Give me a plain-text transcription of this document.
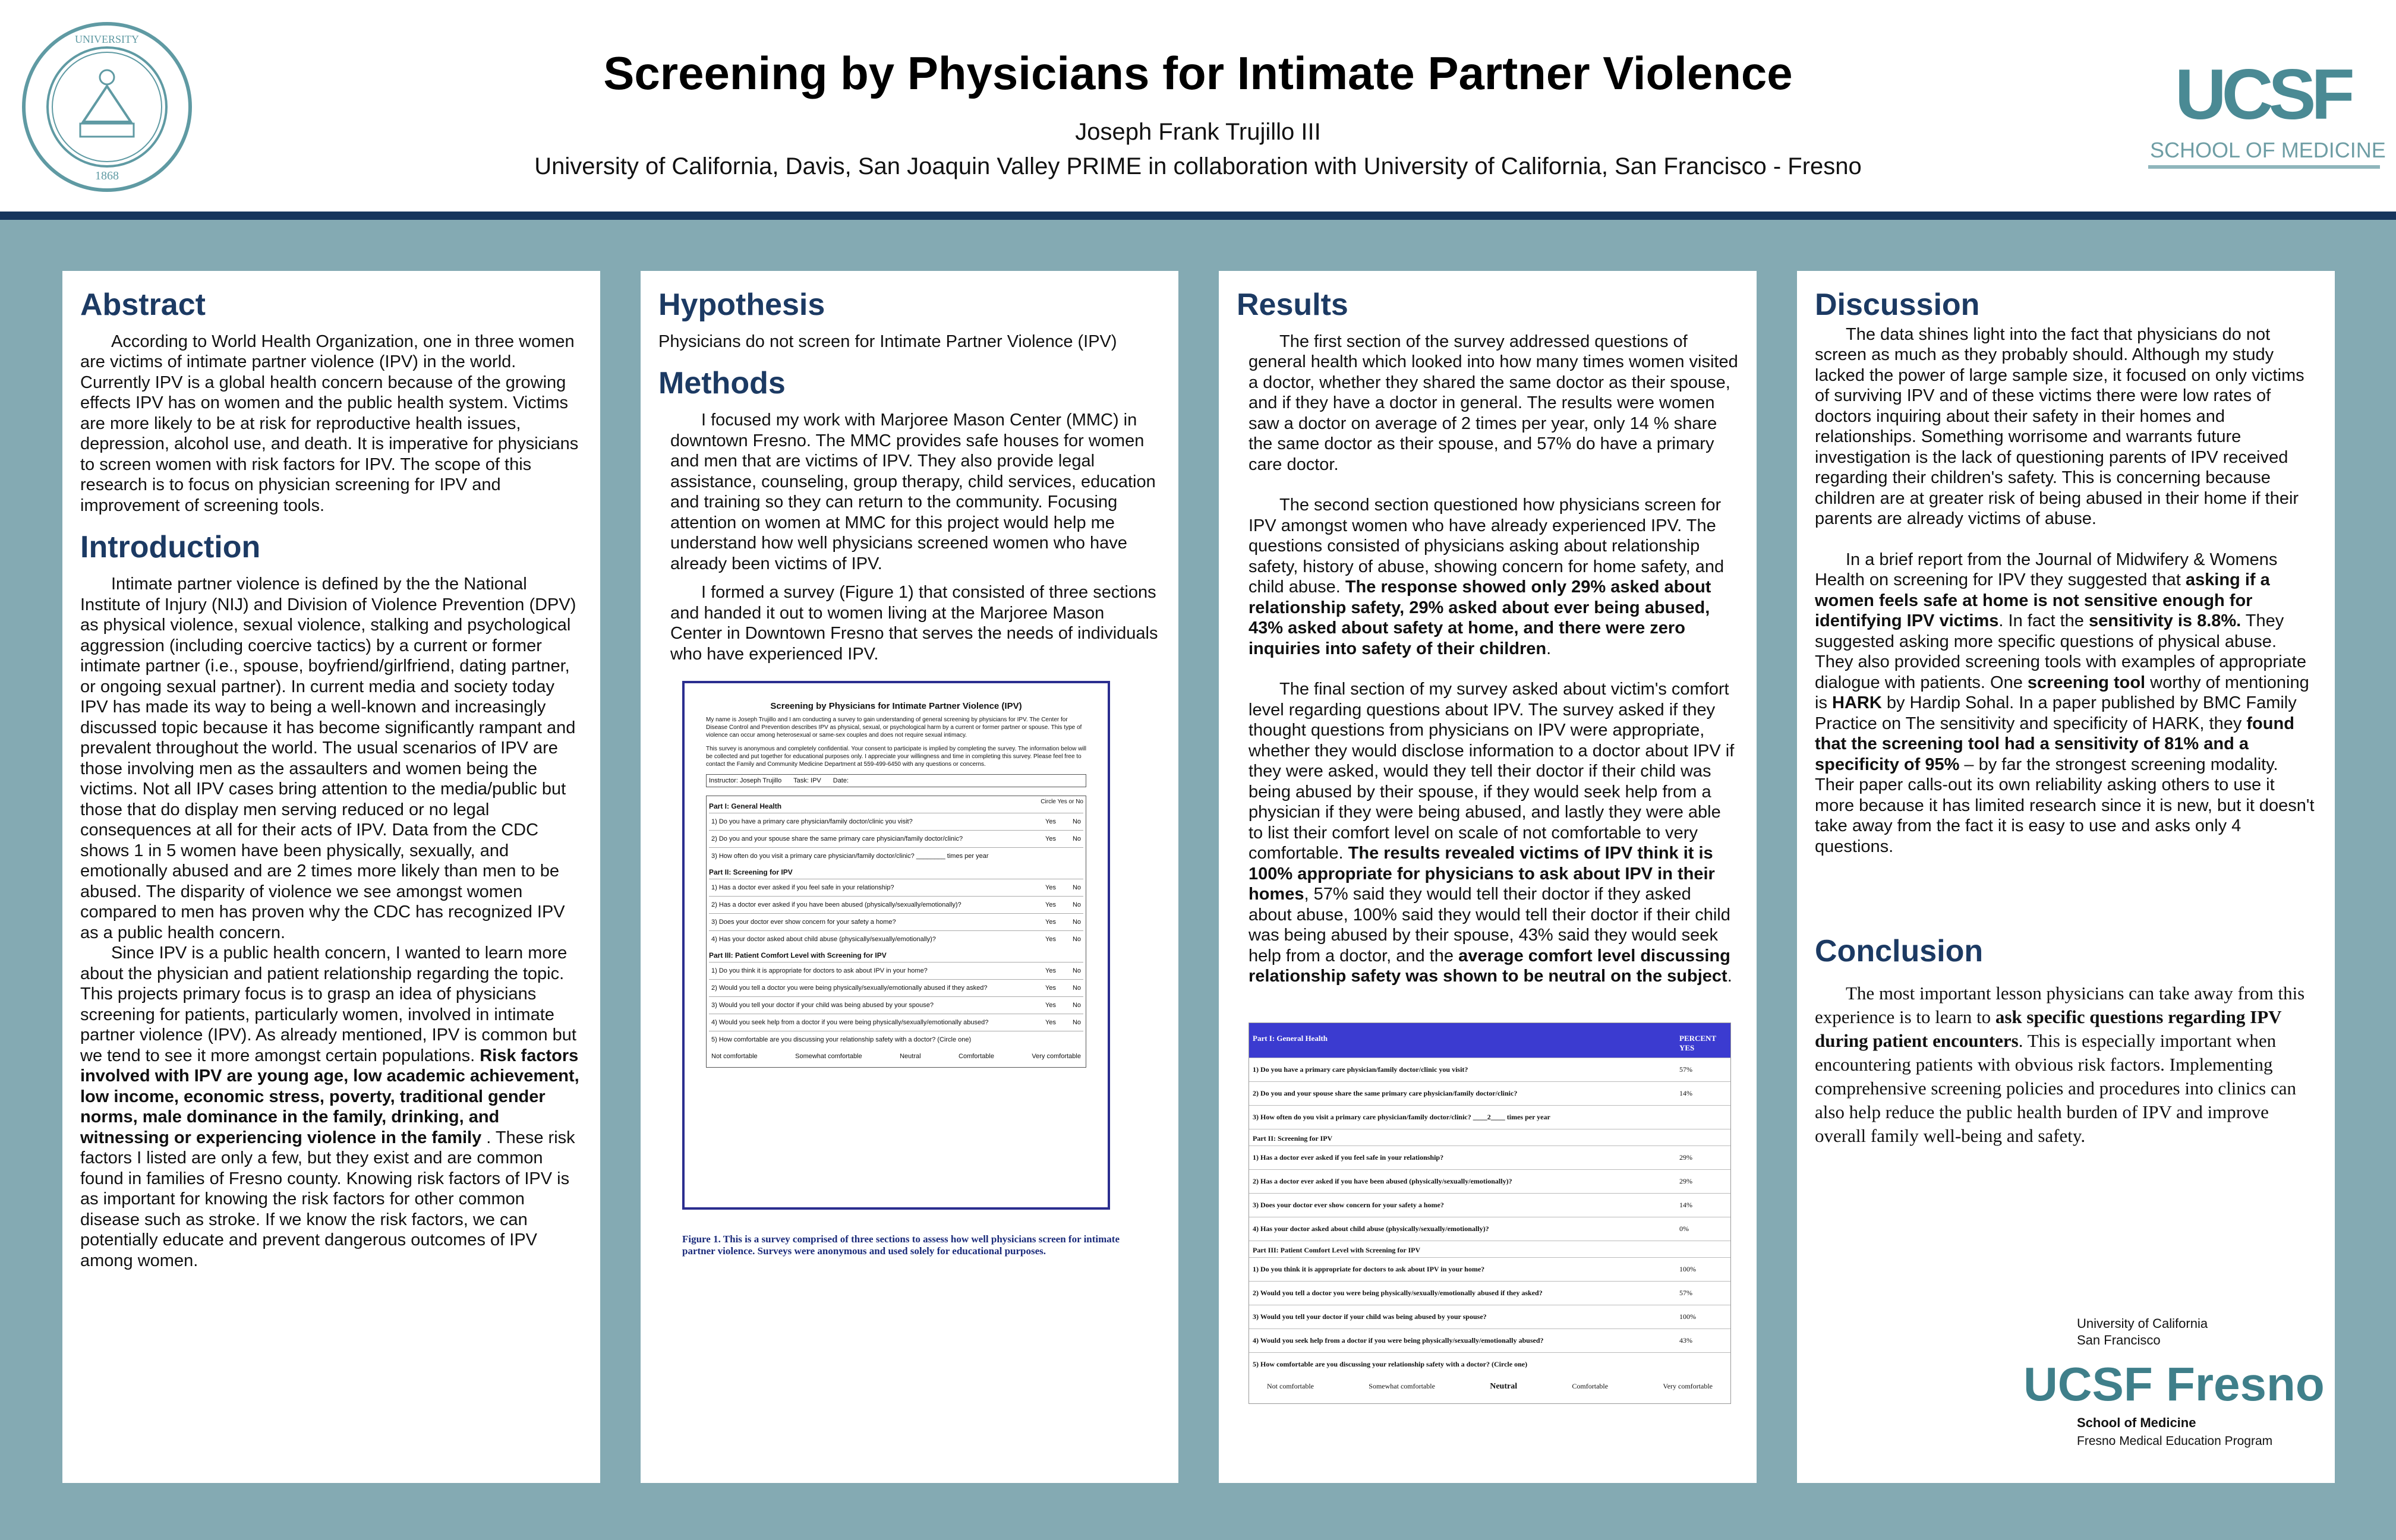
UNIVERSITY
1868
Screening by Physicians for Intimate Partner Violence
Joseph Frank Trujillo III
University of California, Davis, San Joaquin Valley PRIME in collaboration with University of California, San Francisco - Fresno
UCSF
SCHOOL OF MEDICINE
Abstract

According to World Health Organization, one in three women are victims of intimate partner violence (IPV) in the world. Currently IPV is a global health concern because of the growing effects IPV has on women and the public health system. Victims are more likely to be at risk for reproductive health issues, depression, alcohol use, and death. It is imperative for physicians to screen women with risk factors for IPV. The scope of this research is to focus on physician screening for IPV and improvement of screening tools.

Introduction

Intimate partner violence is defined by the the National Institute of Injury (NIJ) and Division of Violence Prevention (DPV) as physical violence, sexual violence, stalking and psychological aggression (including coercive tactics) by a current or former intimate partner (i.e., spouse, boyfriend/girlfriend, dating partner, or ongoing sexual partner). In current media and society today IPV has made its way to being a well-known and increasingly discussed topic because it has become significantly rampant and prevalent throughout the world. The usual scenarios of IPV are those involving men as the assaulters and women being the victims. Not all IPV cases bring attention to the media/public but those that do display men serving reduced or no legal consequences at all for their acts of IPV. Data from the CDC shows 1 in 5 women have been physically, sexually, and emotionally abused and are 2 times more likely than men to be abused. The disparity of violence we see amongst women compared to men has proven why the CDC has recognized IPV as a public health concern.

Since IPV is a public health concern, I wanted to learn more about the physician and patient relationship regarding the topic. This projects primary focus is to grasp an idea of physicians screening for patients, particularly women, involved in intimate partner violence (IPV). As already mentioned, IPV is common but we tend to see it more amongst certain populations. Risk factors involved with IPV are young age, low academic achievement, low income, economic stress, poverty, traditional gender norms, male dominance in the family, drinking, and witnessing or experiencing violence in the family . These risk factors I listed are only a few, but they exist and are common found in families of Fresno county. Knowing risk factors of IPV is as important for knowing the risk factors for other common disease such as stroke. If we know the risk factors, we can potentially educate and prevent dangerous outcomes of IPV among women.

Hypothesis

Physicians do not screen for Intimate Partner Violence (IPV)

Methods

I focused my work with Marjoree Mason Center (MMC) in downtown Fresno. The MMC provides safe houses for women and men that are victims of IPV. They also provide legal assistance, counseling, group therapy, child services, education and training so they can return to the community. Focusing attention on women at MMC for this project would help me understand how well physicians screened women who have already been victims of IPV.

I formed a survey (Figure 1) that consisted of three sections and handed it out to women living at the Marjoree Mason Center in Downtown Fresno that serves the needs of individuals who have experienced IPV.

Screening by Physicians for Intimate Partner Violence (IPV)
My name is Joseph Trujillo and I am conducting a survey to gain understanding of general screening by physicians for IPV. The Center for Disease Control and Prevention describes IPV as physical, sexual, or psychological harm by a current or former partner or spouse. This type of violence can occur among heterosexual or same-sex couples and does not require sexual intimacy.
This survey is anonymous and completely confidential. Your consent to participate is implied by completing the survey. The information below will be collected and put together for educational purposes only. I appreciate your willingness and time in completing this survey. Please feel free to contact the Family and Community Medicine Department at 559-499-6450 with any questions or concerns.
Instructor: Joseph Trujillo Task: IPV Date:
Part I: General Health
Circle Yes or No
1) Do you have a primary care physician/family doctor/clinic you visit?	Yes	No
2) Do you and your spouse share the same primary care physician/family doctor/clinic?	Yes	No
3) How often do you visit a primary care physician/family doctor/clinic? ________ times per year
Part II: Screening for IPV
1) Has a doctor ever asked if you feel safe in your relationship?	Yes	No
2) Has a doctor ever asked if you have been abused (physically/sexually/emotionally)?	Yes	No
3) Does your doctor ever show concern for your safety a home?	Yes	No
4) Has your doctor asked about child abuse (physically/sexually/emotionally)?	Yes	No
Part III: Patient Comfort Level with Screening for IPV
1) Do you think it is appropriate for doctors to ask about IPV in your home?	Yes	No
2) Would you tell a doctor you were being physically/sexually/emotionally abused if they asked?	Yes	No
3) Would you tell your doctor if your child was being abused by your spouse?	Yes	No
4) Would you seek help from a doctor if you were being physically/sexually/emotionally abused?	Yes	No
5) How comfortable are you discussing your relationship safety with a doctor? (Circle one)
Not comfortable	Somewhat comfortable	Neutral	Comfortable	Very comfortable
Figure 1. This is a survey comprised of three sections to assess how well physicians screen for intimate partner violence. Surveys were anonymous and used solely for educational purposes.
Results

The first section of the survey addressed questions of general health which looked into how many times women visited a doctor, whether they shared the same doctor as their spouse, and if they have a doctor in general. The results were women saw a doctor on average of 2 times per year, only 14 % share the same doctor as their spouse, and 57% do have a primary care doctor.

The second section questioned how physicians screen for IPV amongst women who have already experienced IPV. The questions consisted of physicians asking about relationship safety, history of abuse, showing concern for home safety, and child abuse. The response showed only 29% asked about relationship safety, 29% asked about ever being abused, 43% asked about safety at home, and there were zero inquiries into safety of their children.

The final section of my survey asked about victim's comfort level regarding questions about IPV. The survey asked if they thought questions from physicians on IPV were appropriate, whether they would disclose information to a doctor about IPV if they were asked, would they tell their doctor if their child was being abused by their spouse, if they would seek help from a physician if they were being abused, and lastly they were able to list their comfort level on scale of not comfortable to very comfortable. The results revealed victims of IPV think it is 100% appropriate for physicians to ask about IPV in their homes, 57% said they would tell their doctor if they asked about abuse, 100% said they would tell their doctor if their child was being abused by their spouse, 43% said they would seek help from a doctor, and the average comfort level discussing relationship safety was shown to be neutral on the subject.

Part I: General Health	PERCENT YES
1) Do you have a primary care physician/family doctor/clinic you visit?	57%
2) Do you and your spouse share the same primary care physician/family doctor/clinic?	14%
3) How often do you visit a primary care physician/family doctor/clinic? ____2____ times per year
Part II: Screening for IPV
1) Has a doctor ever asked if you feel safe in your relationship?	29%
2) Has a doctor ever asked if you have been abused (physically/sexually/emotionally)?	29%
3) Does your doctor ever show concern for your safety a home?	14%
4) Has your doctor asked about child abuse (physically/sexually/emotionally)?	0%
Part III: Patient Comfort Level with Screening for IPV
1) Do you think it is appropriate for doctors to ask about IPV in your home?	100%
2) Would you tell a doctor you were being physically/sexually/emotionally abused if they asked?	57%
3) Would you tell your doctor if your child was being abused by your spouse?	100%
4) Would you seek help from a doctor if you were being physically/sexually/emotionally abused?	43%
5) How comfortable are you discussing your relationship safety with a doctor? (Circle one)
Not comfortable	Somewhat comfortable	Neutral	Comfortable	Very comfortable
Discussion

The data shines light into the fact that physicians do not screen as much as they probably should. Although my study lacked the power of large sample size, it focused on only victims of surviving IPV and of these victims there were low rates of doctors inquiring about their safety in their homes and relationships. Something worrisome and warrants future investigation is the lack of questioning parents of IPV received regarding their children's safety. This is concerning because children are at greater risk of being abused in their home if their parents are already victims of abuse.

In a brief report from the Journal of Midwifery & Womens Health on screening for IPV they suggested that asking if a women feels safe at home is not sensitive enough for identifying IPV victims. In fact the sensitivity is 8.8%. They suggested asking more specific questions of physical abuse. They also provided screening tools with examples of appropriate dialogue with patients. One screening tool worthy of mentioning is HARK by Hardip Sohal. In a paper published by BMC Family Practice on The sensitivity and specificity of HARK, they found that the screening tool had a sensitivity of 81% and a specificity of 95% – by far the strongest screening modality. Their paper calls-out its own reliability asking others to use it more because it has limited research since it is new, but it doesn't take away from the fact it is easy to use and asks only 4 questions.

Conclusion

The most important lesson physicians can take away from this experience is to learn to ask specific questions regarding IPV during patient encounters. This is especially important when encountering patients with obvious risk factors. Implementing comprehensive screening policies and procedures into clinics can also help reduce the public health burden of IPV and improve overall family well-being and safety.

University of California
San Francisco
UCSF Fresno
School of Medicine
Fresno Medical Education Program
